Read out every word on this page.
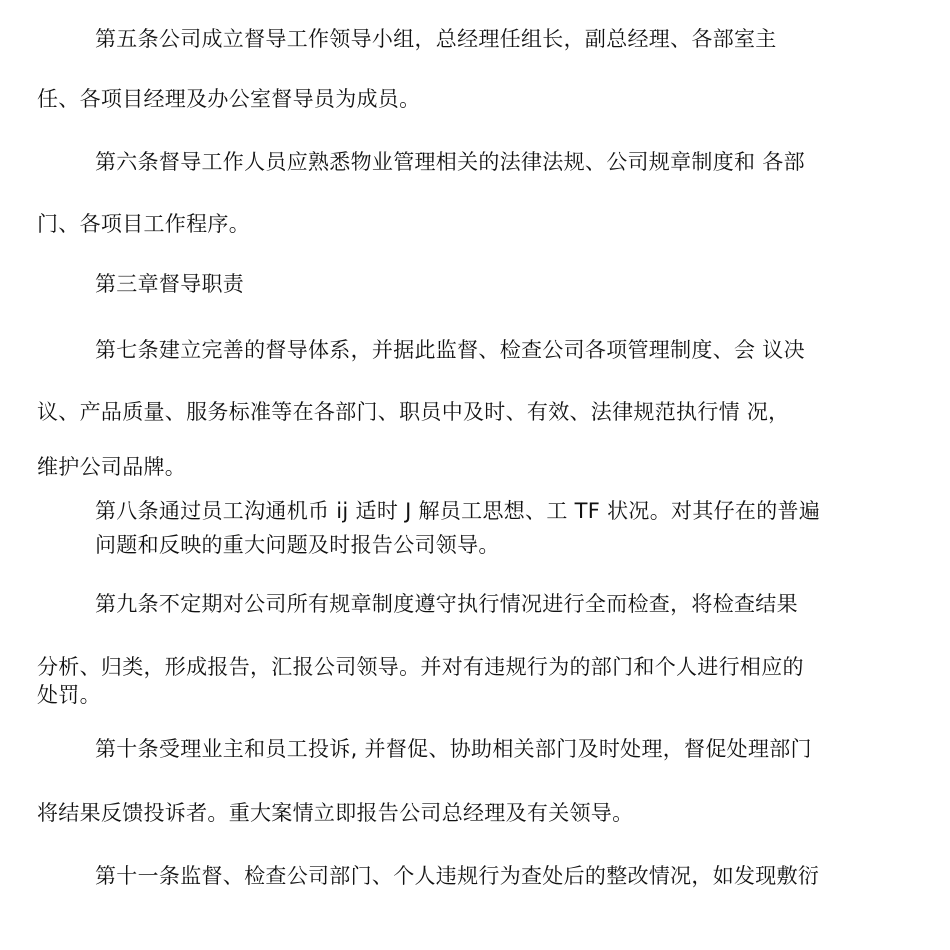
第五条公司成立督导工作领导小组，总经理任组长，副总经理、各部室主
任、各项目经理及办公室督导员为成员。
第六条督导工作人员应熟悉物业管理相关的法律法规、公司规章制度和 各部
门、各项目工作程序。
第三章督导职责
第七条建立完善的督导体系，并据此监督、检查公司各项管理制度、会 议决
议、产品质量、服务标准等在各部门、职员中及时、有效、法律规范执行情 况，
维护公司品牌。
第八条通过员工沟通机币 ij 适时 J 解员工思想、工 TF 状况。对其仔在的普遍
问题和反映的重大问题及时报告公司领导。
第九条不定期对公司所有规章制度遵守执行情况进行全而检查，将检查结果
分析、归类，形成报告，汇报公司领导。并对有违规行为的部门和个人进行相应的
处罚。
第十条受理业主和员工投诉, 并督促、协助相关部门及时处理，督促处理部门
将结果反馈投诉者。重大案情立即报告公司总经理及有关领导。
第十一条监督、检查公司部门、个人违规行为查处后的整改情况，如发现敷衍
